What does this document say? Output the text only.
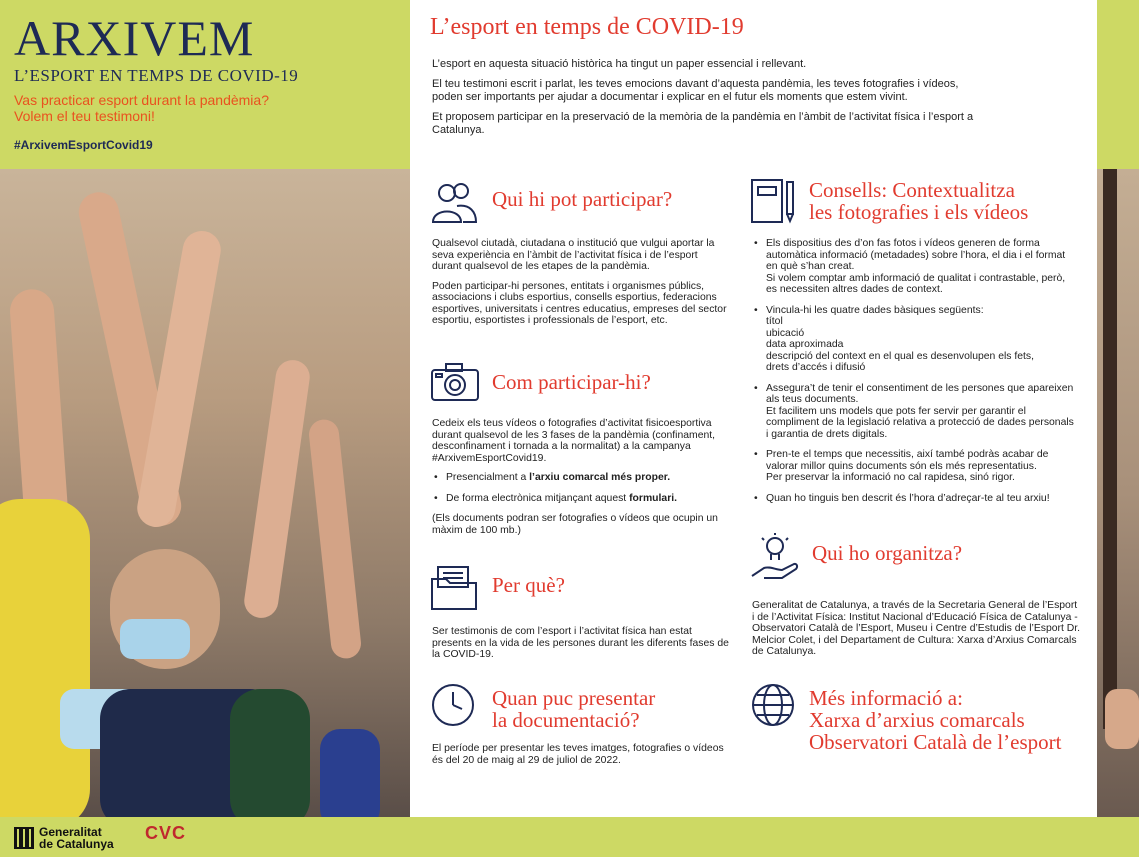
ARXIVEM
L’ESPORT EN TEMPS DE COVID-19
Vas practicar esport durant la pandèmia?
Volem el teu testimoni!
#ArxivemEsportCovid19
L’esport en temps de COVID-19

L’esport en aquesta situació històrica ha tingut un paper essencial i rellevant.

El teu testimoni escrit i parlat, les teves emocions davant d’aquesta pandèmia, les teves fotografies i vídeos, poden ser importants per ajudar a documentar i explicar en el futur els moments que estem vivint.

Et proposem participar en la preservació de la memòria de la pandèmia en l’àmbit de l’activitat física i l’esport a Catalunya.

Qui hi pot participar?

Qualsevol ciutadà, ciutadana o institució que vulgui aportar la seva experiència en l’àmbit de l’activitat física i de l’esport durant qualsevol de les etapes de la pandèmia.

Poden participar-hi persones, entitats i organismes públics, associacions i clubs esportius, consells esportius, federacions esportives, universitats i centres educatius, empreses del sector esportiu, esportistes i professionals de l’esport, etc.

Com participar-hi?

Cedeix els teus vídeos o fotografies d’activitat fisicoesportiva durant qualsevol de les 3 fases de la pandèmia (confinament, desconfinament i tornada a la normalitat) a la campanya #ArxivemEsportCovid19.

• Presencialment a l’arxiu comarcal més proper.
• De forma electrònica mitjançant aquest formulari.

(Els documents podran ser fotografies o vídeos que ocupin un màxim de 100 mb.)

Per què?

Ser testimonis de com l’esport i l’activitat física han estat presents en la vida de les persones durant les diferents fases de la COVID-19.

Quan puc presentar
la documentació?

El període per presentar les teves imatges, fotografies o vídeos és del 20 de maig al 29 de juliol de 2022.

Consells: Contextualitza
les fotografies i els vídeos
• Els dispositius des d’on fas fotos i vídeos generen de forma automàtica informació (metadades) sobre l’hora, el dia i el format en què s’han creat.
Si volem comptar amb informació de qualitat i contrastable, però, es necessiten altres dades de context.
• Vincula-hi les quatre dades bàsiques següents:
títol
ubicació
data aproximada
descripció del context en el qual es desenvolupen els fets,
drets d’accés i difusió
• Assegura’t de tenir el consentiment de les persones que apareixen als teus documents.
Et facilitem uns models que pots fer servir per garantir el compliment de la legislació relativa a protecció de dades personals i garantia de drets digitals.
• Pren-te el temps que necessitis, així també podràs acabar de valorar millor quins documents són els més representatius.
Per preservar la informació no cal rapidesa, sinó rigor.
• Quan ho tinguis ben descrit és l’hora d’adreçar-te al teu arxiu!
Qui ho organitza?

Generalitat de Catalunya, a través de la Secretaria General de l’Esport i de l’Activitat Física: Institut Nacional d’Educació Física de Catalunya - Observatori Català de l’Esport, Museu i Centre d’Estudis de l’Esport Dr. Melcior Colet, i del Departament de Cultura: Xarxa d’Arxius Comarcals de Catalunya.

Més informació a:
Xarxa d’arxius comarcals
Observatori Català de l’esport
Generalitat
de Catalunya
CVC
